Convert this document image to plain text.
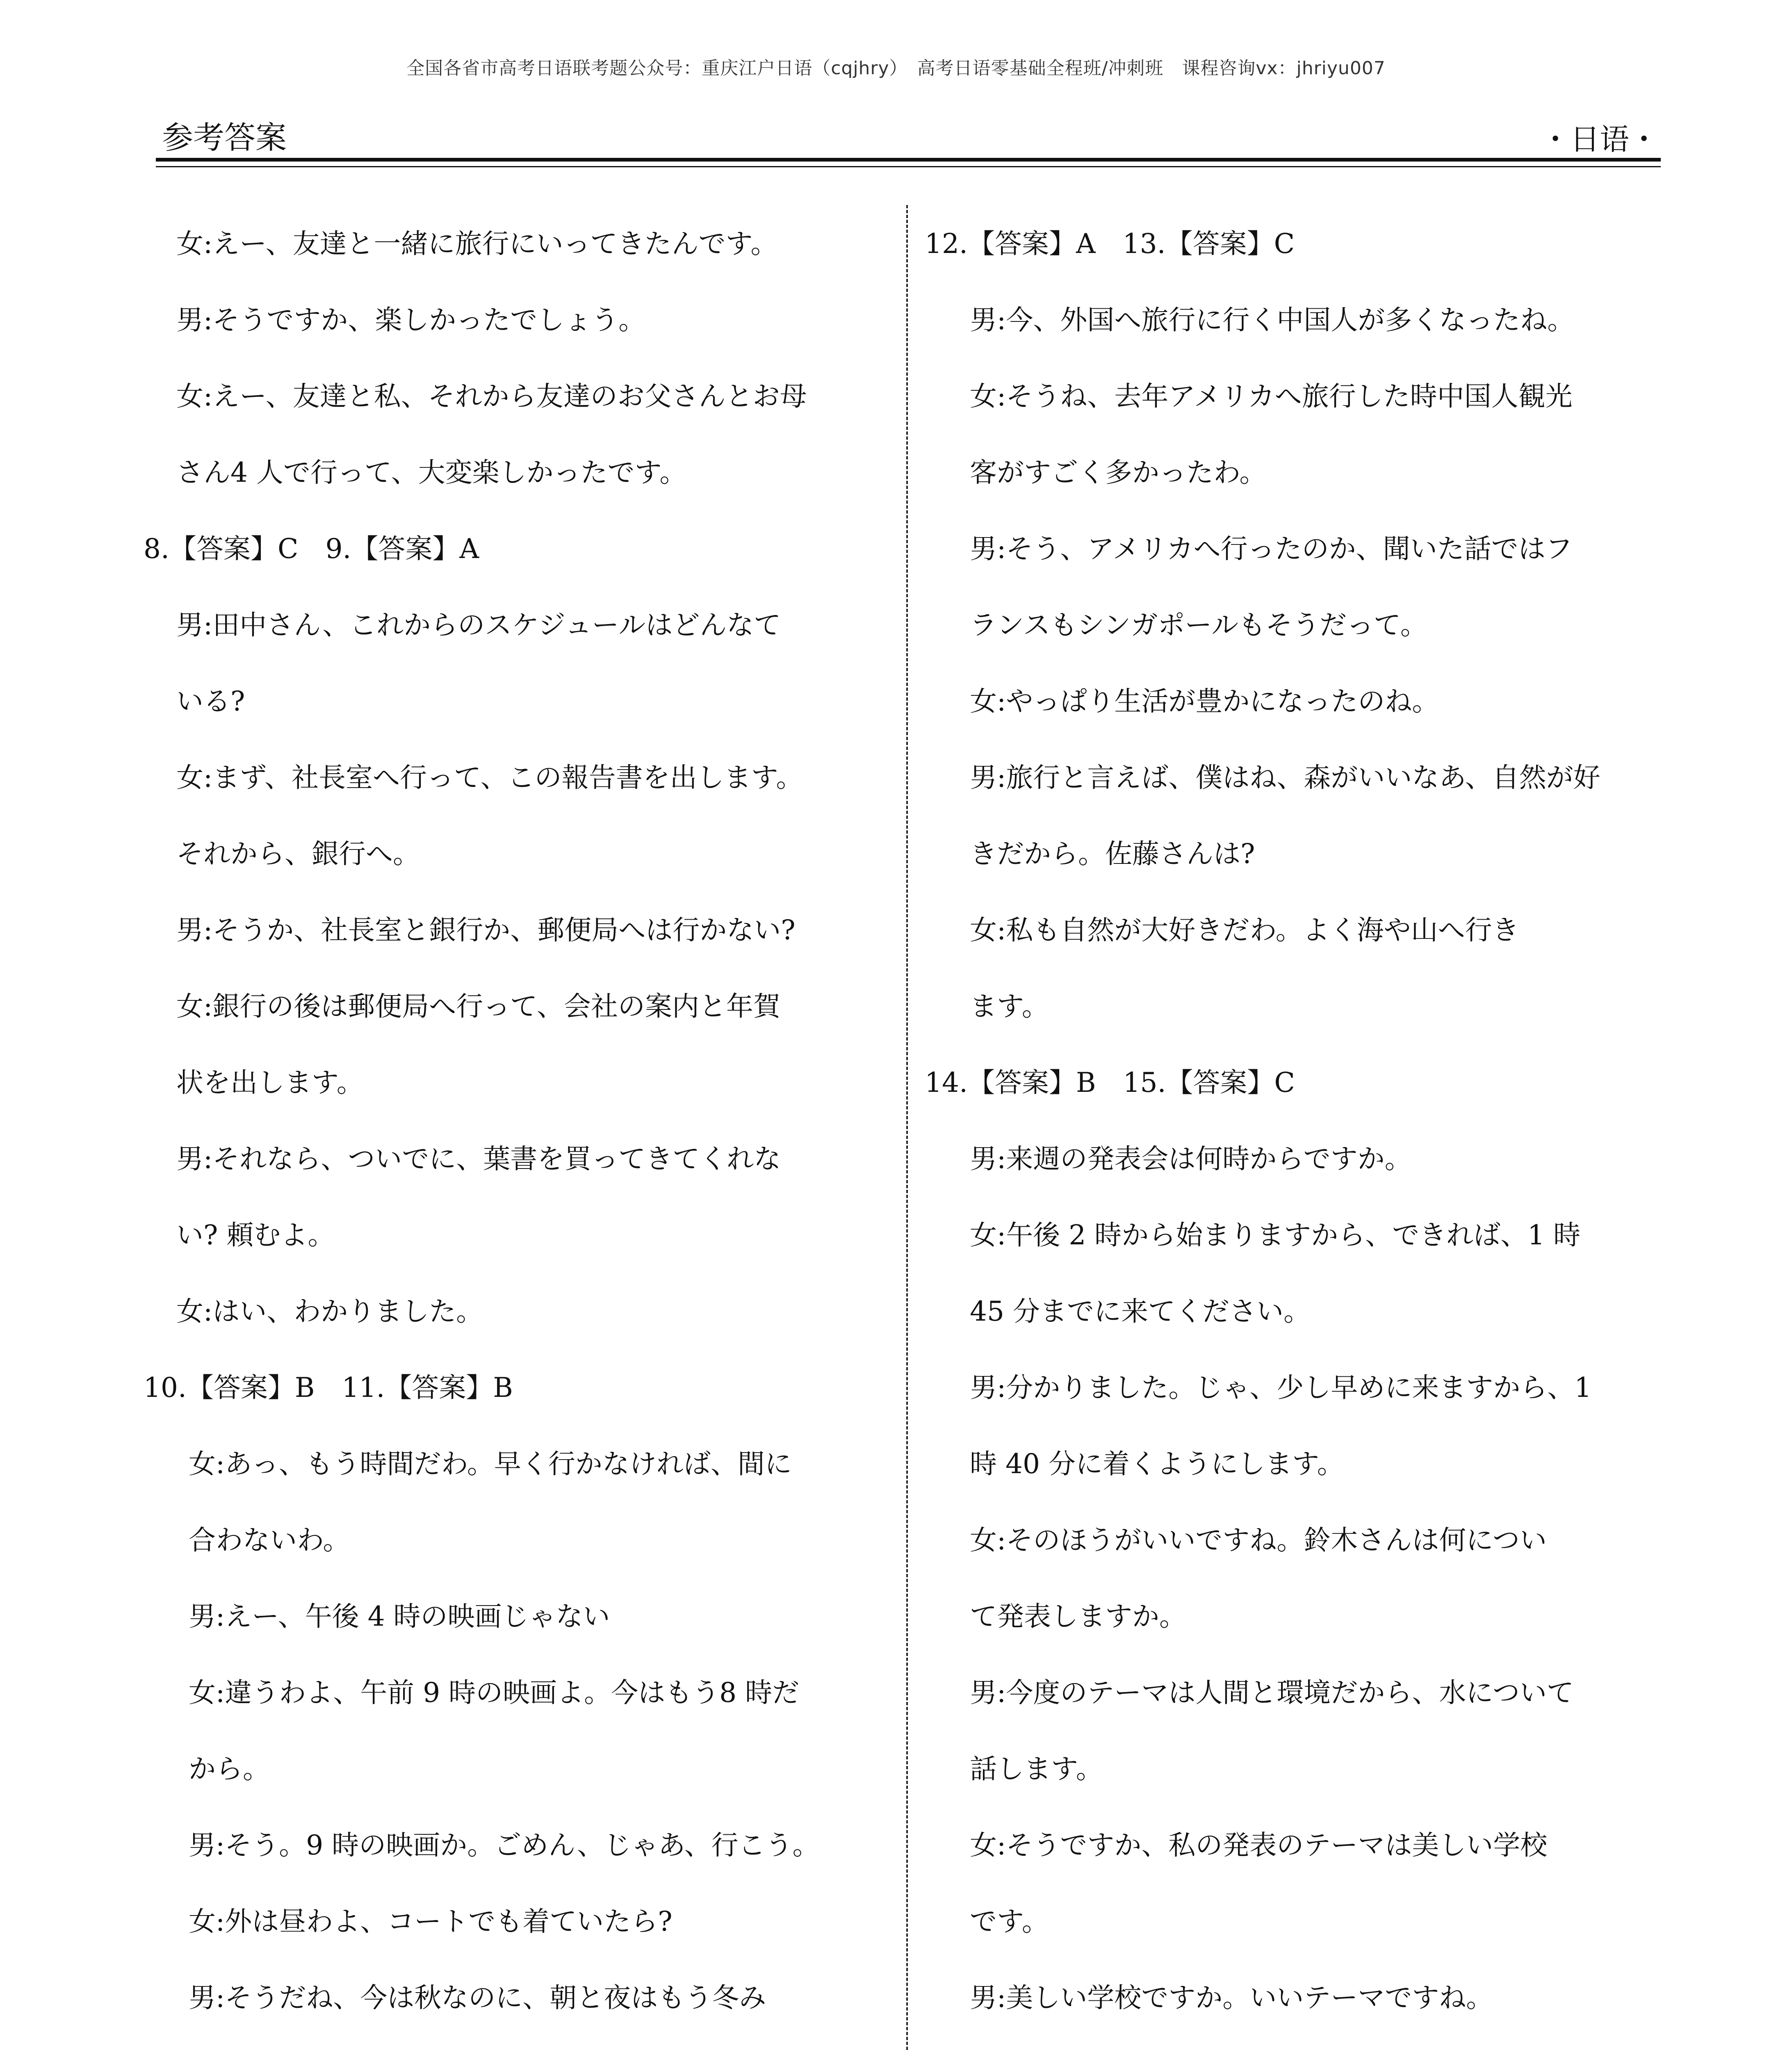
全国各省市高考日语联考题公众号：重庆江户日语（cqjhry）　高考日语零基础全程班/冲刺班　课程咨询vx：jhriyu007
参考答案	・日语・
女:えー、友達と一緒に旅行にいってきたんです。
男:そうですか、楽しかったでしょう。
女:えー、友達と私、それから友達のお父さんとお母
さん4 人で行って、大変楽しかったです。
8.【答案】C　9.【答案】A
男:田中さん、これからのスケジュールはどんなて
いる?
女:まず、社長室へ行って、この報告書を出します。
それから、銀行へ。
男:そうか、社長室と銀行か、郵便局へは行かない?
女:銀行の後は郵便局へ行って、会社の案内と年賀
状を出します。
男:それなら、ついでに、葉書を買ってきてくれな
い? 頼むよ。
女:はい、わかりました。
10.【答案】B　11.【答案】B
女:あっ、もう時間だわ。早く行かなければ、間に
合わないわ。
男:えー、午後 4 時の映画じゃない
女:違うわよ、午前 9 時の映画よ。今はもう8 時だ
から。
男:そう。9 時の映画か。ごめん、じゃあ、行こう。
女:外は昼わよ、コートでも着ていたら?
男:そうだね、今は秋なのに、朝と夜はもう冬み
12.【答案】A　13.【答案】C
男:今、外国へ旅行に行く中国人が多くなったね。
女:そうね、去年アメリカへ旅行した時中国人観光
客がすごく多かったわ。
男:そう、アメリカへ行ったのか、聞いた話ではフ
ランスもシンガポールもそうだって。
女:やっぱり生活が豊かになったのね。
男:旅行と言えば、僕はね、森がいいなあ、自然が好
きだから。佐藤さんは?
女:私も自然が大好きだわ。よく海や山へ行き
ます。
14.【答案】B　15.【答案】C
男:来週の発表会は何時からですか。
女:午後 2 時から始まりますから、できれば、1 時
45 分までに来てください。
男:分かりました。じゃ、少し早めに来ますから、1
時 40 分に着くようにします。
女:そのほうがいいですね。鈴木さんは何につい
て発表しますか。
男:今度のテーマは人間と環境だから、水について
話します。
女:そうですか、私の発表のテーマは美しい学校
です。
男:美しい学校ですか。いいテーマですね。
